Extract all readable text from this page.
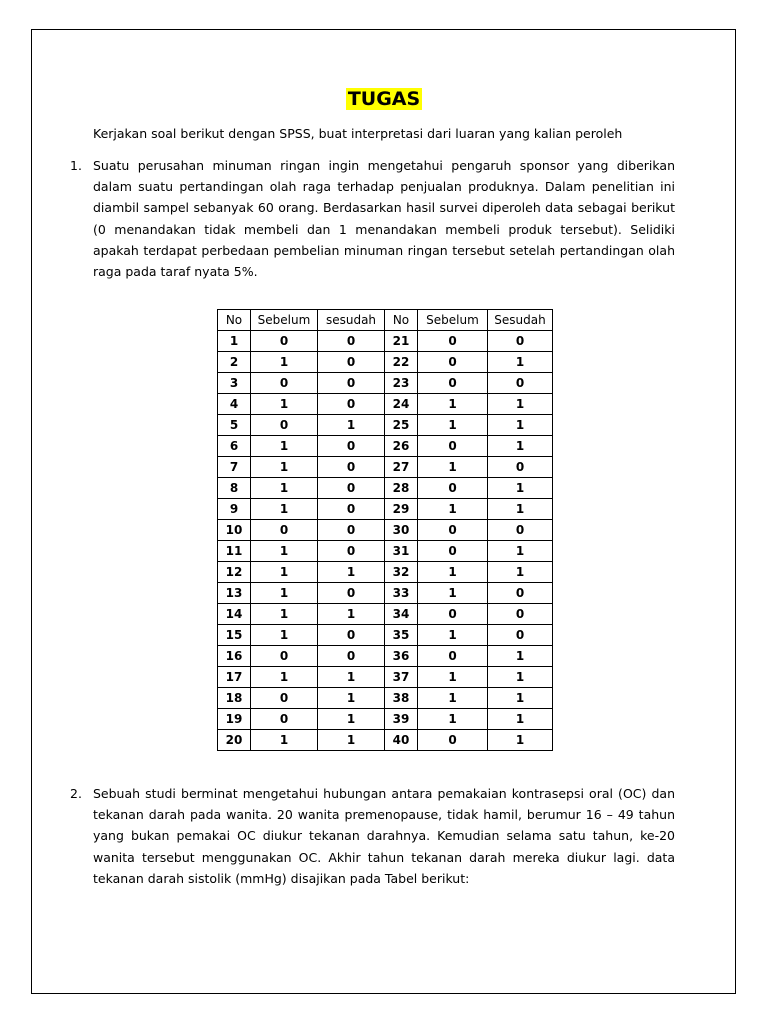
TUGAS
Kerjakan soal berikut dengan SPSS, buat interpretasi dari luaran yang kalian peroleh
1. Suatu perusahan minuman ringan ingin mengetahui pengaruh sponsor yang diberikan dalam suatu pertandingan olah raga terhadap penjualan produknya. Dalam penelitian ini diambil sampel sebanyak 60 orang. Berdasarkan hasil survei diperoleh data sebagai berikut (0 menandakan tidak membeli dan 1 menandakan membeli produk tersebut). Selidiki apakah terdapat perbedaan pembelian minuman ringan tersebut setelah pertandingan olah raga pada taraf nyata 5%.
No	Sebelum	sesudah	No	Sebelum	Sesudah
1	0	0	21	0	0
2	1	0	22	0	1
3	0	0	23	0	0
4	1	0	24	1	1
5	0	1	25	1	1
6	1	0	26	0	1
7	1	0	27	1	0
8	1	0	28	0	1
9	1	0	29	1	1
10	0	0	30	0	0
11	1	0	31	0	1
12	1	1	32	1	1
13	1	0	33	1	0
14	1	1	34	0	0
15	1	0	35	1	0
16	0	0	36	0	1
17	1	1	37	1	1
18	0	1	38	1	1
19	0	1	39	1	1
20	1	1	40	0	1
2. Sebuah studi berminat mengetahui hubungan antara pemakaian kontrasepsi oral (OC) dan tekanan darah pada wanita. 20 wanita premenopause, tidak hamil, berumur 16 – 49 tahun yang bukan pemakai OC diukur tekanan darahnya. Kemudian selama satu tahun, ke-20 wanita tersebut menggunakan OC. Akhir tahun tekanan darah mereka diukur lagi. data tekanan darah sistolik (mmHg) disajikan pada Tabel berikut:
